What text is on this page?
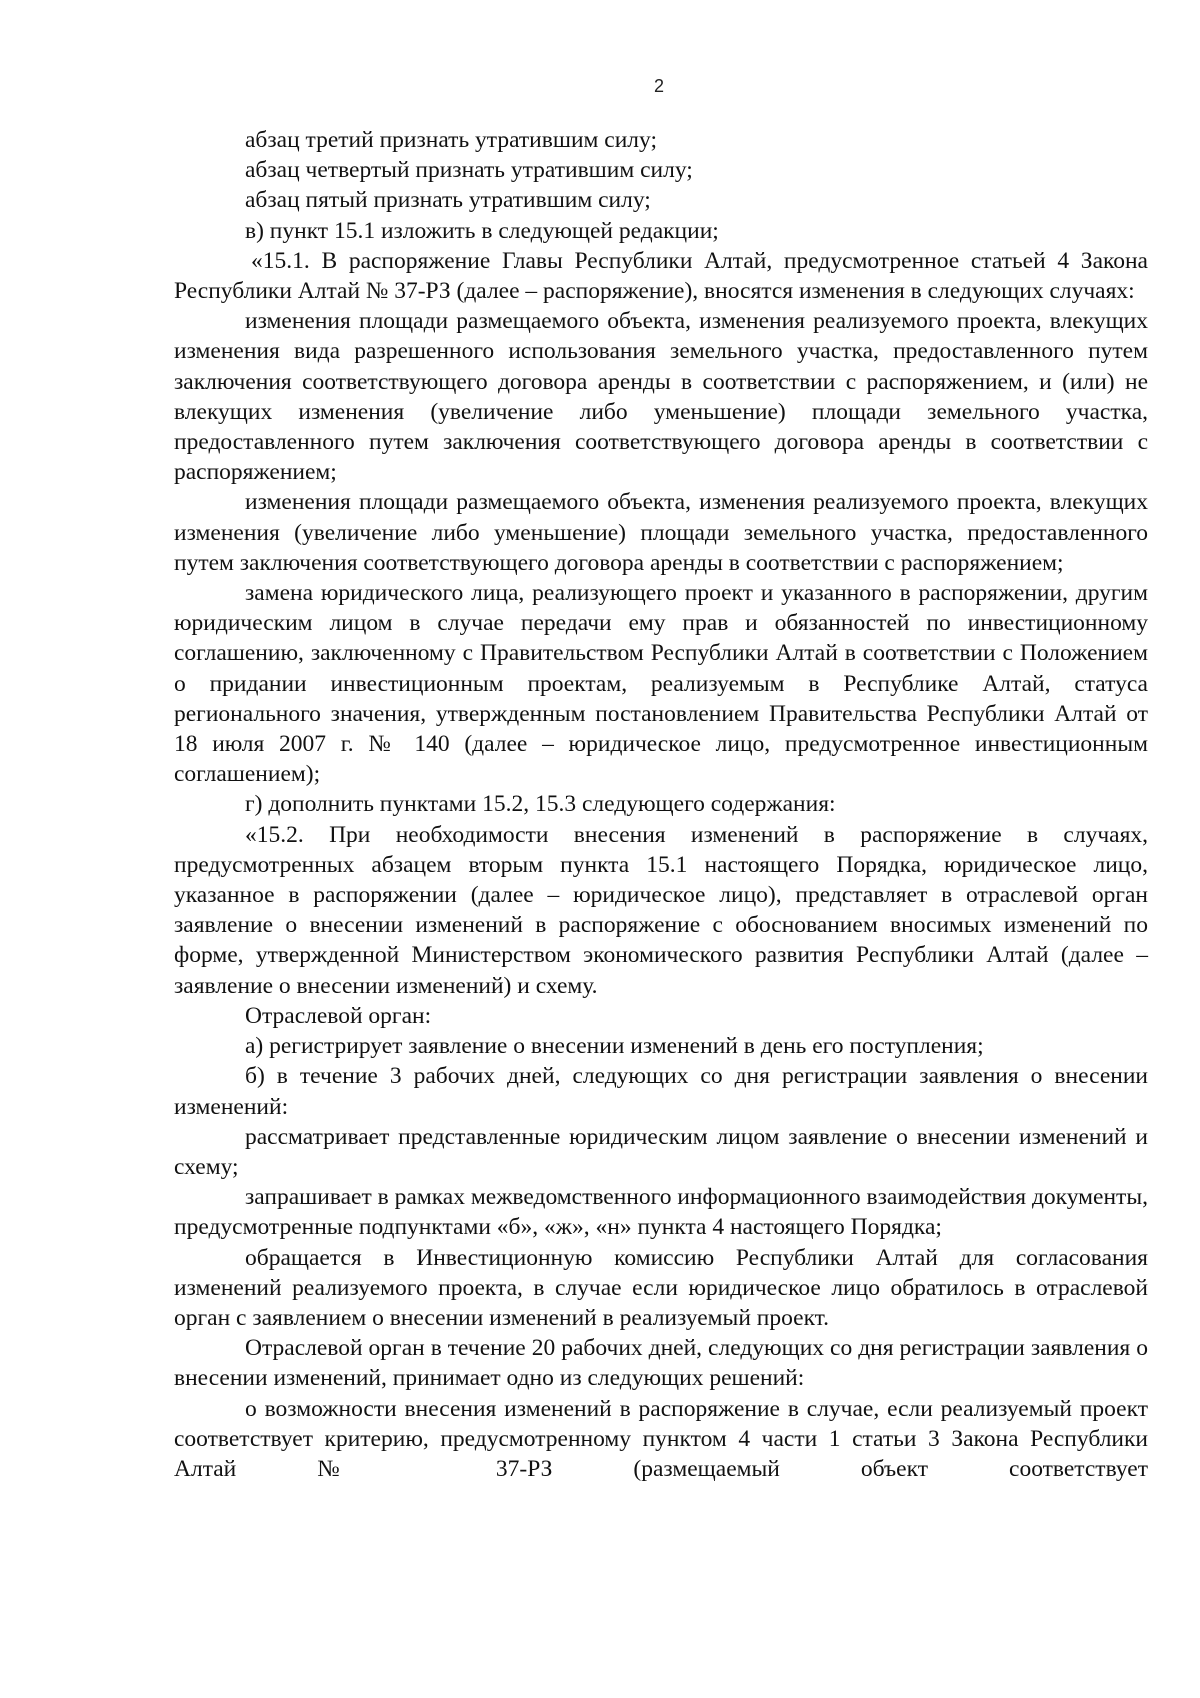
2

абзац третий признать утратившим силу;

абзац четвертый признать утратившим силу;

абзац пятый признать утратившим силу;

в) пункт 15.1 изложить в следующей редакции;

«15.1. В распоряжение Главы Республики Алтай, предусмотренное статьей 4 Закона Республики Алтай № 37-РЗ (далее – распоряжение), вносятся изменения в следующих случаях:

изменения площади размещаемого объекта, изменения реализуемого проекта, влекущих изменения вида разрешенного использования земельного участка, предоставленного путем заключения соответствующего договора аренды в соответствии с распоряжением, и (или) не влекущих изменения (увеличение либо уменьшение) площади земельного участка, предоставленного путем заключения соответствующего договора аренды в соответствии с распоряжением;

изменения площади размещаемого объекта, изменения реализуемого проекта, влекущих изменения (увеличение либо уменьшение) площади земельного участка, предоставленного путем заключения соответствующего договора аренды в соответствии с распоряжением;

замена юридического лица, реализующего проект и указанного в распоряжении, другим юридическим лицом в случае передачи ему прав и обязанностей по инвестиционному соглашению, заключенному с Правительством Республики Алтай в соответствии с Положением о придании инвестиционным проектам, реализуемым в Республике Алтай, статуса регионального значения, утвержденным постановлением Правительства Республики Алтай от 18 июля 2007 г. № 140 (далее – юридическое лицо, предусмотренное инвестиционным соглашением);

г) дополнить пунктами 15.2, 15.3 следующего содержания:

«15.2. При необходимости внесения изменений в распоряжение в случаях, предусмотренных абзацем вторым пункта 15.1 настоящего Порядка, юридическое лицо, указанное в распоряжении (далее – юридическое лицо), представляет в отраслевой орган заявление о внесении изменений в распоряжение с обоснованием вносимых изменений по форме, утвержденной Министерством экономического развития Республики Алтай (далее – заявление о внесении изменений) и схему.

Отраслевой орган:

а) регистрирует заявление о внесении изменений в день его поступления;

б) в течение 3 рабочих дней, следующих со дня регистрации заявления о внесении изменений:

рассматривает представленные юридическим лицом заявление о внесении изменений и схему;

запрашивает в рамках межведомственного информационного взаимодействия документы, предусмотренные подпунктами «б», «ж», «н» пункта 4 настоящего Порядка;

обращается в Инвестиционную комиссию Республики Алтай для согласования изменений реализуемого проекта, в случае если юридическое лицо обратилось в отраслевой орган с заявлением о внесении изменений в реализуемый проект.

Отраслевой орган в течение 20 рабочих дней, следующих со дня регистрации заявления о внесении изменений, принимает одно из следующих решений:

о возможности внесения изменений в распоряжение в случае, если реализуемый проект соответствует критерию, предусмотренному пунктом 4 части 1 статьи 3 Закона Республики Алтай № 37-РЗ (размещаемый объект соответствует
